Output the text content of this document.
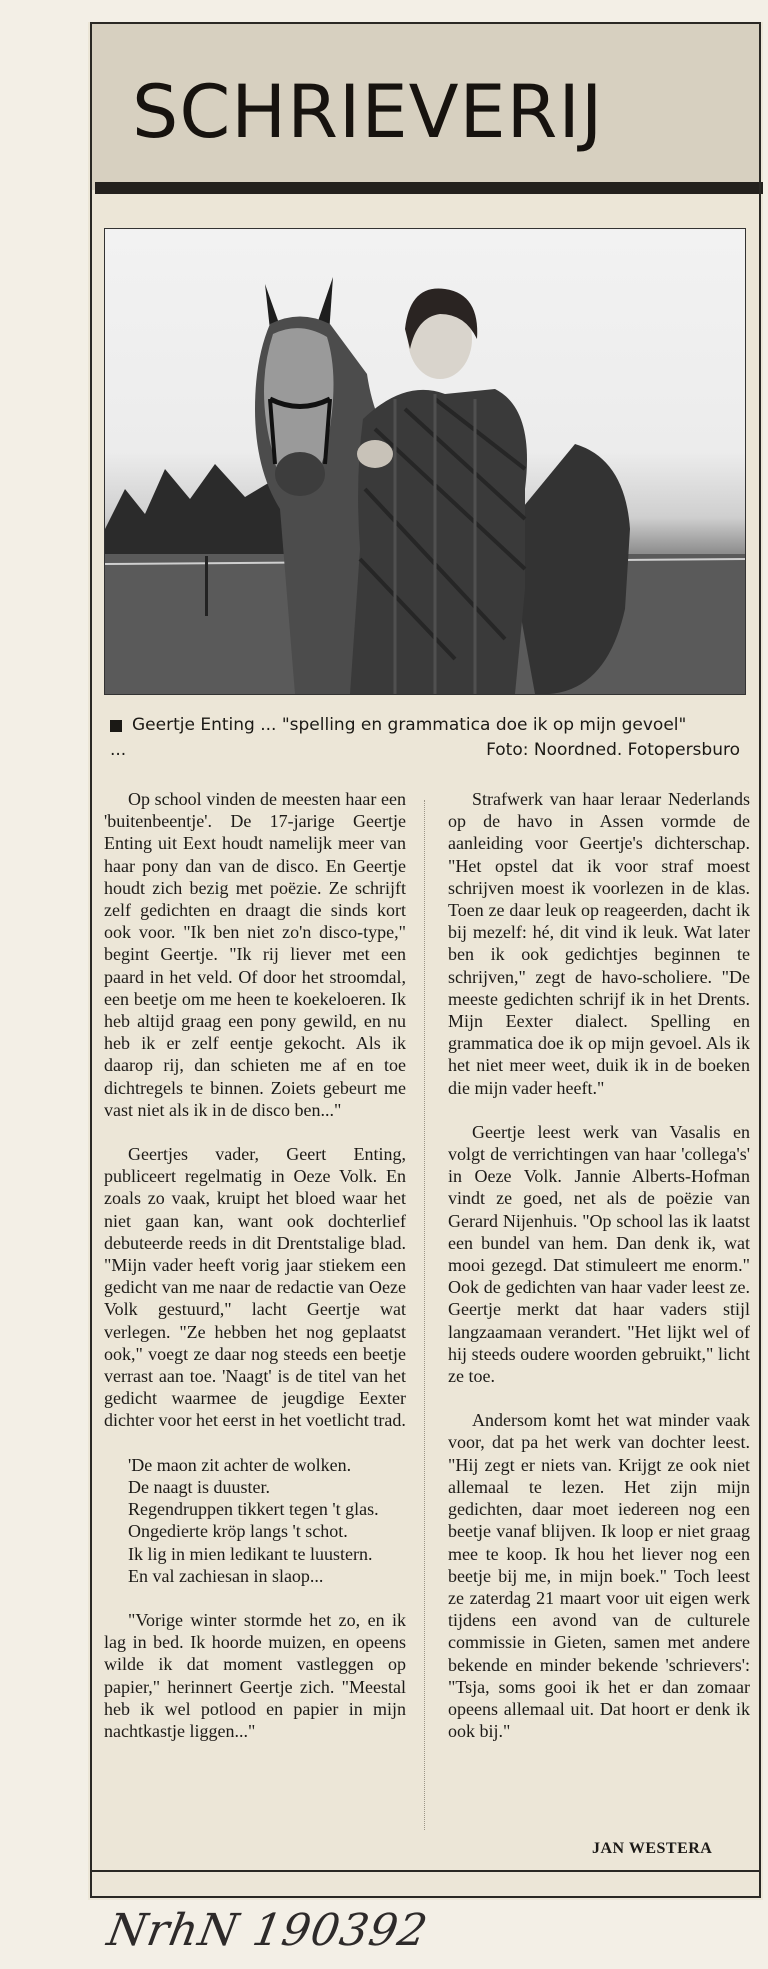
SCHRIEVERIJ
Geertje Enting ... "spelling en grammatica doe ik op mijn gevoel"
...	Foto: Noordned. Fotopersburo

Op school vinden de meesten haar een 'buitenbeentje'. De 17-jarige Geertje Enting uit Eext houdt namelijk meer van haar pony dan van de disco. En Geertje houdt zich bezig met poëzie. Ze schrijft zelf gedichten en draagt die sinds kort ook voor. "Ik ben niet zo'n disco-type," begint Geertje. "Ik rij liever met een paard in het veld. Of door het stroomdal, een beetje om me heen te koekeloeren. Ik heb altijd graag een pony gewild, en nu heb ik er zelf eentje gekocht. Als ik daarop rij, dan schieten me af en toe dichtregels te binnen. Zoiets gebeurt me vast niet als ik in de disco ben..."

Geertjes vader, Geert Enting, publiceert regelmatig in Oeze Volk. En zoals zo vaak, kruipt het bloed waar het niet gaan kan, want ook dochterlief debuteerde reeds in dit Drentstalige blad. "Mijn vader heeft vorig jaar stiekem een gedicht van me naar de redactie van Oeze Volk gestuurd," lacht Geertje wat verlegen. "Ze hebben het nog geplaatst ook," voegt ze daar nog steeds een beetje verrast aan toe. 'Naagt' is de titel van het gedicht waarmee de jeugdige Eexter dichter voor het eerst in het voetlicht trad.

'De maon zit achter de wolken.
De naagt is duuster.
Regendruppen tikkert tegen 't glas.
Ongedierte kröp langs 't schot.
Ik lig in mien ledikant te luustern.
En val zachiesan in slaop...

"Vorige winter stormde het zo, en ik lag in bed. Ik hoorde muizen, en opeens wilde ik dat moment vastleggen op papier," herinnert Geertje zich. "Meestal heb ik wel potlood en papier in mijn nachtkastje liggen..."

Strafwerk van haar leraar Nederlands op de havo in Assen vormde de aanleiding voor Geertje's dichterschap. "Het opstel dat ik voor straf moest schrijven moest ik voorlezen in de klas. Toen ze daar leuk op reageerden, dacht ik bij mezelf: hé, dit vind ik leuk. Wat later ben ik ook gedichtjes beginnen te schrijven," zegt de havo-scholiere. "De meeste gedichten schrijf ik in het Drents. Mijn Eexter dialect. Spelling en grammatica doe ik op mijn gevoel. Als ik het niet meer weet, duik ik in de boeken die mijn vader heeft."

Geertje leest werk van Vasalis en volgt de verrichtingen van haar 'collega's' in Oeze Volk. Jannie Alberts-Hofman vindt ze goed, net als de poëzie van Gerard Nijenhuis. "Op school las ik laatst een bundel van hem. Dan denk ik, wat mooi gezegd. Dat stimuleert me enorm." Ook de gedichten van haar vader leest ze. Geertje merkt dat haar vaders stijl langzaamaan verandert. "Het lijkt wel of hij steeds oudere woorden gebruikt," licht ze toe.

Andersom komt het wat minder vaak voor, dat pa het werk van dochter leest. "Hij zegt er niets van. Krijgt ze ook niet allemaal te lezen. Het zijn mijn gedichten, daar moet iedereen nog een beetje vanaf blijven. Ik loop er niet graag mee te koop. Ik hou het liever nog een beetje bij me, in mijn boek." Toch leest ze zaterdag 21 maart voor uit eigen werk tijdens een avond van de culturele commissie in Gieten, samen met andere bekende en minder bekende 'schrievers': "Tsja, soms gooi ik het er dan zomaar opeens allemaal uit. Dat hoort er denk ik ook bij."

JAN WESTERA
NrhN 190392
